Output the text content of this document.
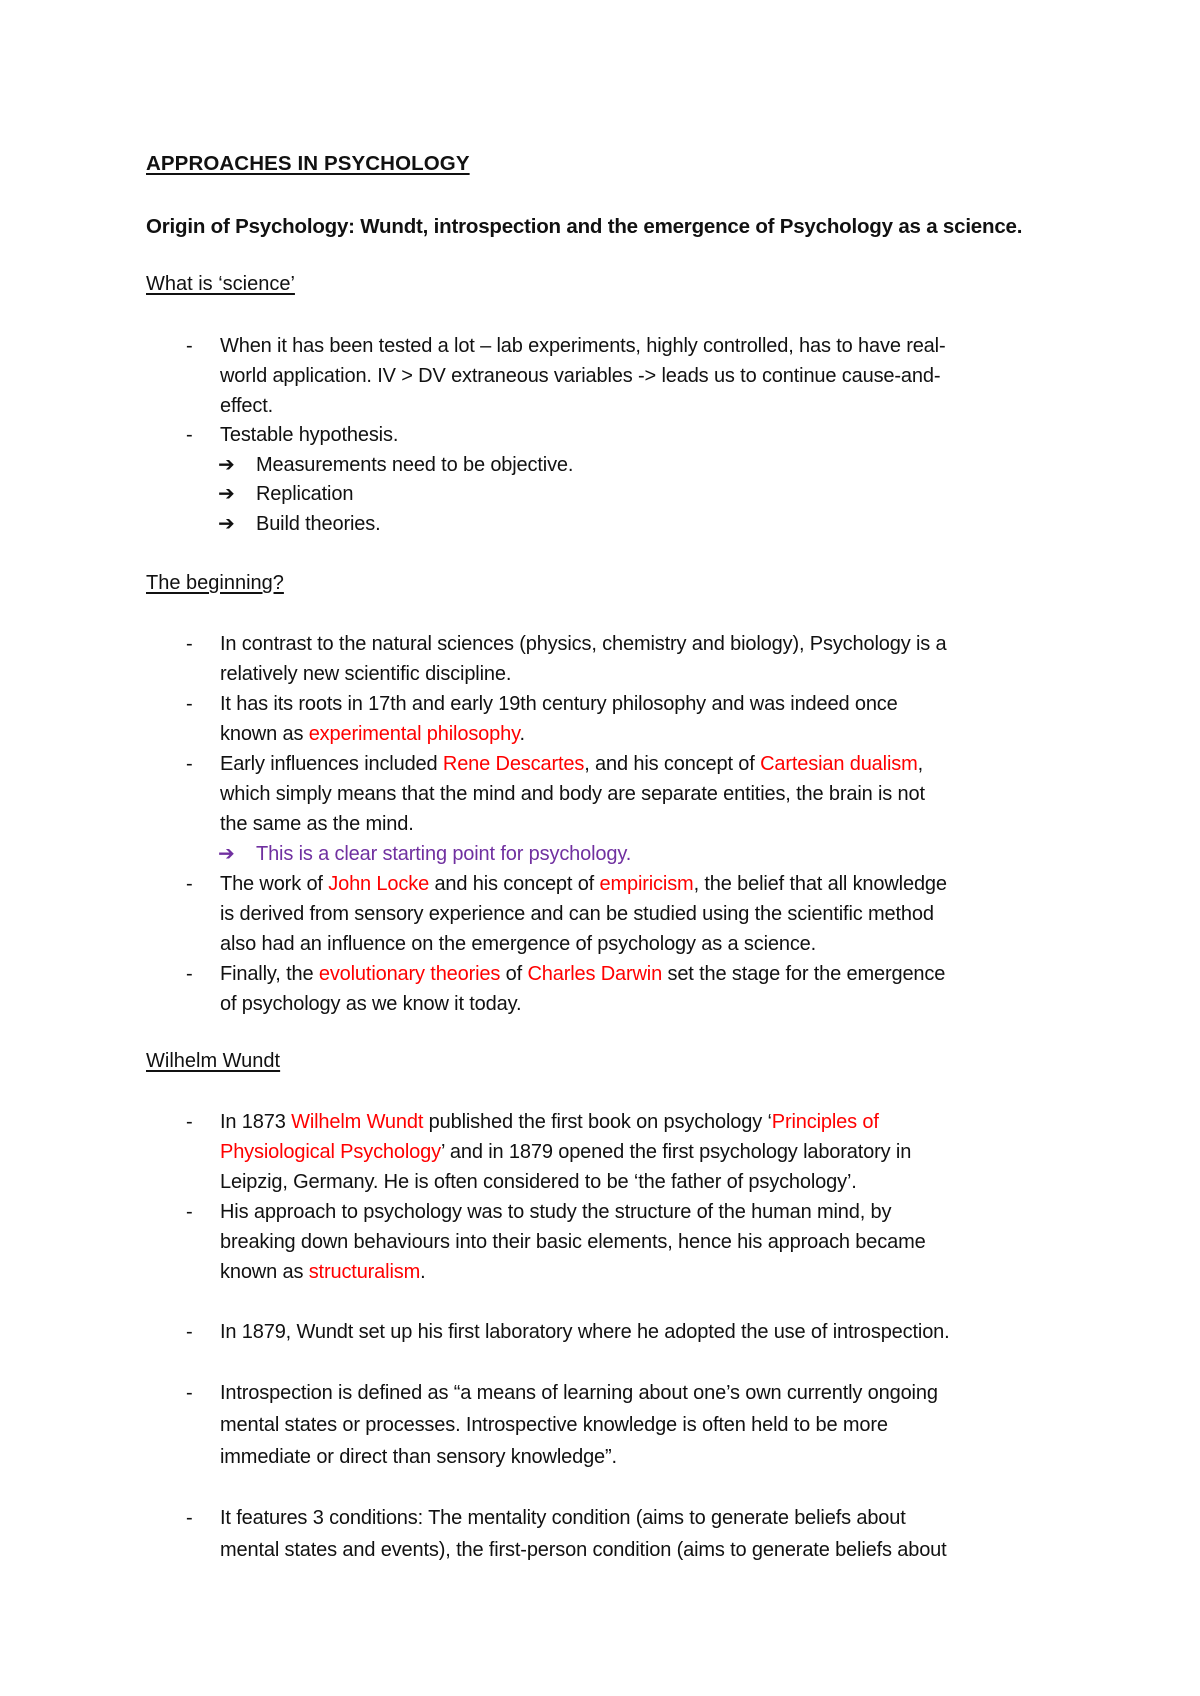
APPROACHES IN PSYCHOLOGY
Origin of Psychology: Wundt, introspection and the emergence of Psychology as a science.
What is ‘science’
- When it has been tested a lot – lab experiments, highly controlled, has to have real-
world application. IV > DV extraneous variables -> leads us to continue cause-and-
effect.
- Testable hypothesis.
➔ Measurements need to be objective.
➔ Replication
➔ Build theories.
The beginning?
- In contrast to the natural sciences (physics, chemistry and biology), Psychology is a
relatively new scientific discipline.
- It has its roots in 17th and early 19th century philosophy and was indeed once
known as experimental philosophy.
- Early influences included Rene Descartes, and his concept of Cartesian dualism,
which simply means that the mind and body are separate entities, the brain is not
the same as the mind.
➔ This is a clear starting point for psychology.
- The work of John Locke and his concept of empiricism, the belief that all knowledge
is derived from sensory experience and can be studied using the scientific method
also had an influence on the emergence of psychology as a science.
- Finally, the evolutionary theories of Charles Darwin set the stage for the emergence
of psychology as we know it today.
Wilhelm Wundt
- In 1873 Wilhelm Wundt published the first book on psychology ‘Principles of
Physiological Psychology’ and in 1879 opened the first psychology laboratory in
Leipzig, Germany. He is often considered to be ‘the father of psychology’.
- His approach to psychology was to study the structure of the human mind, by
breaking down behaviours into their basic elements, hence his approach became
known as structuralism.
- In 1879, Wundt set up his first laboratory where he adopted the use of introspection.
- Introspection is defined as “a means of learning about one’s own currently ongoing
mental states or processes. Introspective knowledge is often held to be more
immediate or direct than sensory knowledge”.
- It features 3 conditions: The mentality condition (aims to generate beliefs about
mental states and events), the first-person condition (aims to generate beliefs about
